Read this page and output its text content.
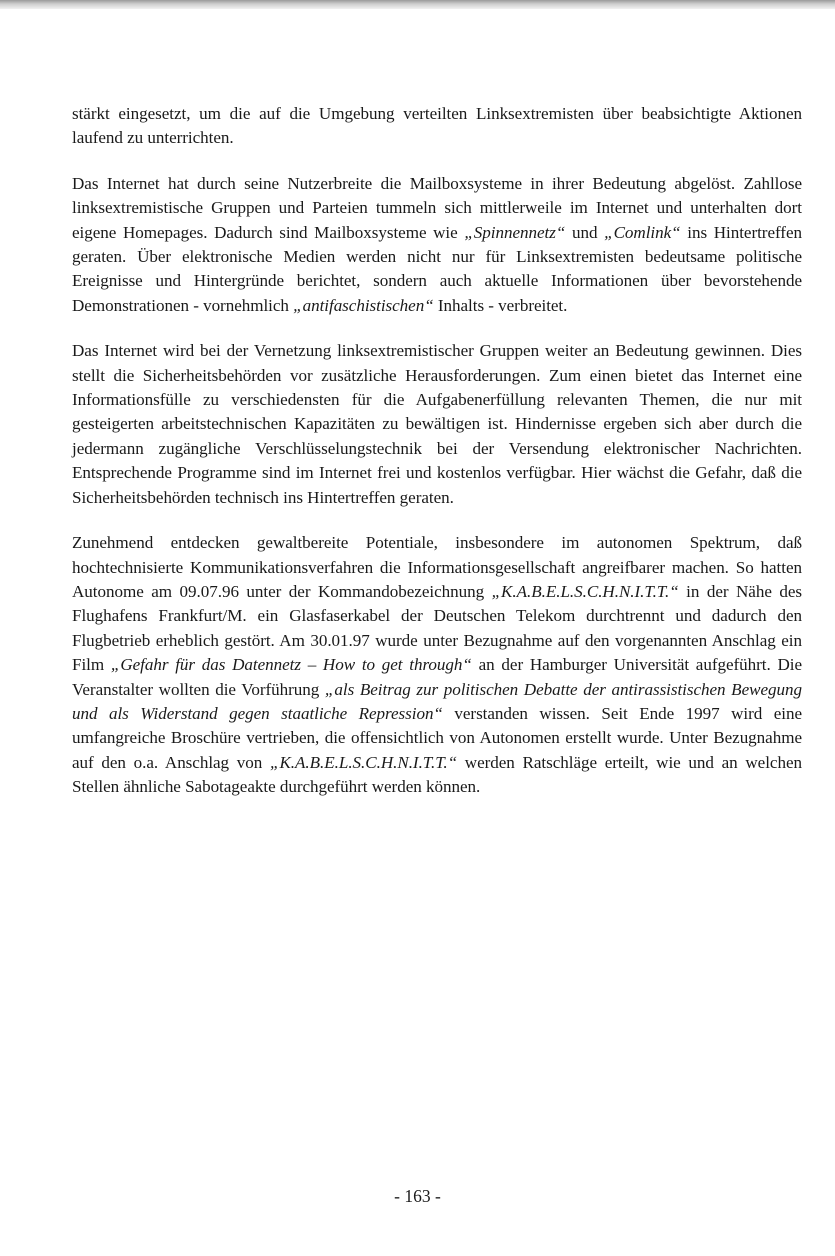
stärkt eingesetzt, um die auf die Umgebung verteilten Linksextremisten über beabsichtigte Aktionen laufend zu unterrichten.

Das Internet hat durch seine Nutzerbreite die Mailboxsysteme in ihrer Bedeutung abgelöst. Zahllose linksextremistische Gruppen und Parteien tummeln sich mittlerweile im Internet und unterhalten dort eigene Homepages. Dadurch sind Mailboxsysteme wie „Spinnennetz“ und „Comlink“ ins Hintertreffen geraten. Über elektronische Medien werden nicht nur für Linksextremisten bedeutsame politische Ereignisse und Hintergründe berichtet, sondern auch aktuelle Informationen über bevorstehende Demonstrationen - vornehmlich „antifaschistischen“ Inhalts - verbreitet.

Das Internet wird bei der Vernetzung linksextremistischer Gruppen weiter an Bedeutung gewinnen. Dies stellt die Sicherheitsbehörden vor zusätzliche Herausforderungen. Zum einen bietet das Internet eine Informationsfülle zu verschiedensten für die Aufgabenerfüllung relevanten Themen, die nur mit gesteigerten arbeitstechnischen Kapazitäten zu bewältigen ist. Hindernisse ergeben sich aber durch die jedermann zugängliche Verschlüsselungstechnik bei der Versendung elektronischer Nachrichten. Entsprechende Programme sind im Internet frei und kostenlos verfügbar. Hier wächst die Gefahr, daß die Sicherheitsbehörden technisch ins Hintertreffen geraten.

Zunehmend entdecken gewaltbereite Potentiale, insbesondere im autonomen Spektrum, daß hochtechnisierte Kommunikationsverfahren die Informationsgesellschaft angreifbarer machen. So hatten Autonome am 09.07.96 unter der Kommandobezeichnung „K.A.B.E.L.S.C.H.N.I.T.T.“ in der Nähe des Flughafens Frankfurt/M. ein Glasfaserkabel der Deutschen Telekom durchtrennt und dadurch den Flugbetrieb erheblich gestört. Am 30.01.97 wurde unter Bezugnahme auf den vorgenannten Anschlag ein Film „Gefahr für das Datennetz – How to get through“ an der Hamburger Universität aufgeführt. Die Veranstalter wollten die Vorführung „als Beitrag zur politischen Debatte der antirassistischen Bewegung und als Widerstand gegen staatliche Repression“ verstanden wissen. Seit Ende 1997 wird eine umfangreiche Broschüre vertrieben, die offensichtlich von Autonomen erstellt wurde. Unter Bezugnahme auf den o.a. Anschlag von „K.A.B.E.L.S.C.H.N.I.T.T.“ werden Ratschläge erteilt, wie und an welchen Stellen ähnliche Sabotageakte durchgeführt werden können.

- 163 -
